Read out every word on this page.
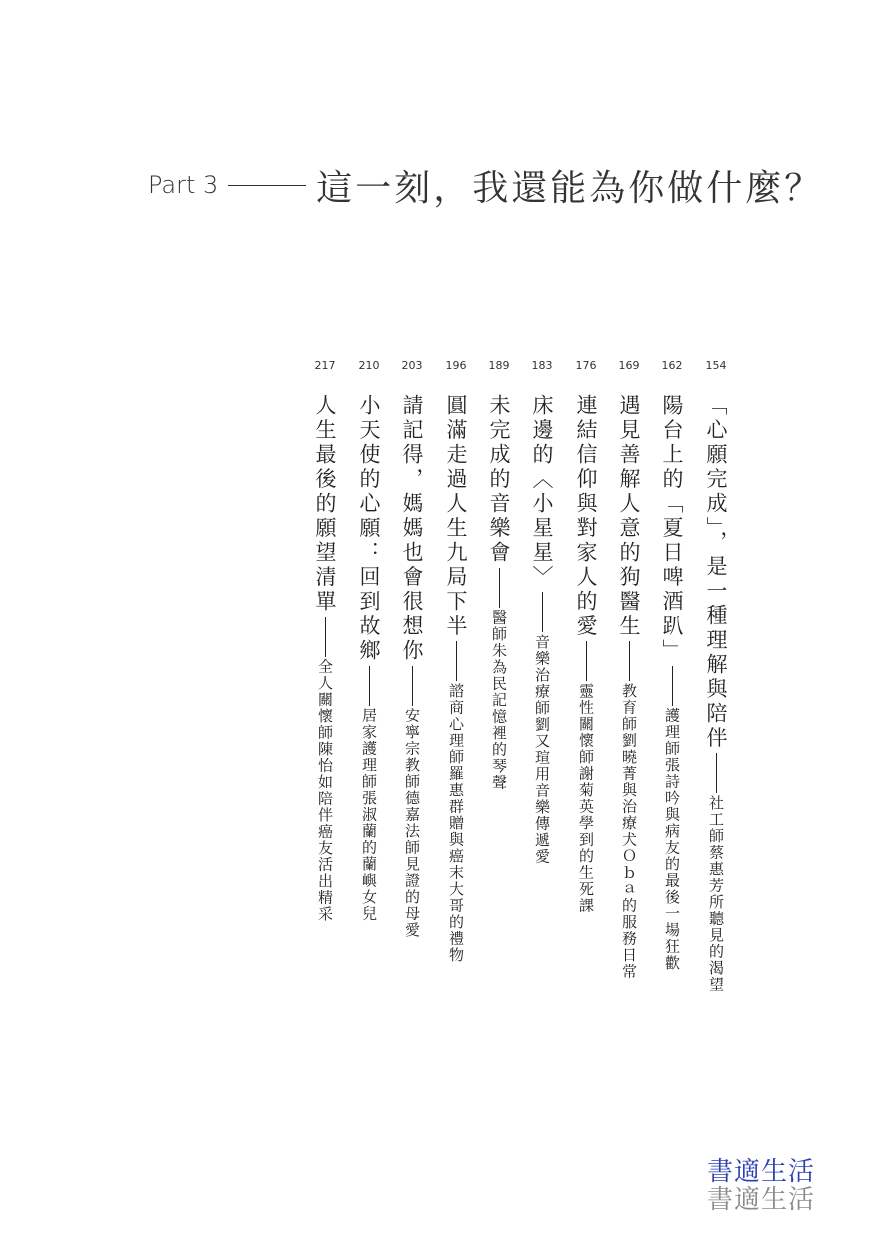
Part 3	這一刻，我還能為你做什麼？
154
「心願完成」，是一種理解與陪伴社工師蔡惠芳所聽見的渴望
162
陽台上的「夏日啤酒趴」護理師張詩吟與病友的最後一場狂歡
169
遇見善解人意的狗醫生教育師劉曉菁與治療犬Ｏｂａ的服務日常
176
連結信仰與對家人的愛靈性關懷師謝菊英學到的生死課
183
床邊的〈小星星〉音樂治療師劉又瑄用音樂傳遞愛
189
未完成的音樂會醫師朱為民記憶裡的琴聲
196
圓滿走過人生九局下半諮商心理師羅惠群贈與癌末大哥的禮物
203
請記得，媽媽也會很想你安寧宗教師德嘉法師見證的母愛
210
小天使的心願：回到故鄉居家護理師張淑蘭的蘭嶼女兒
217
人生最後的願望清單全人關懷師陳怡如陪伴癌友活出精采
書適生活
書適生活
